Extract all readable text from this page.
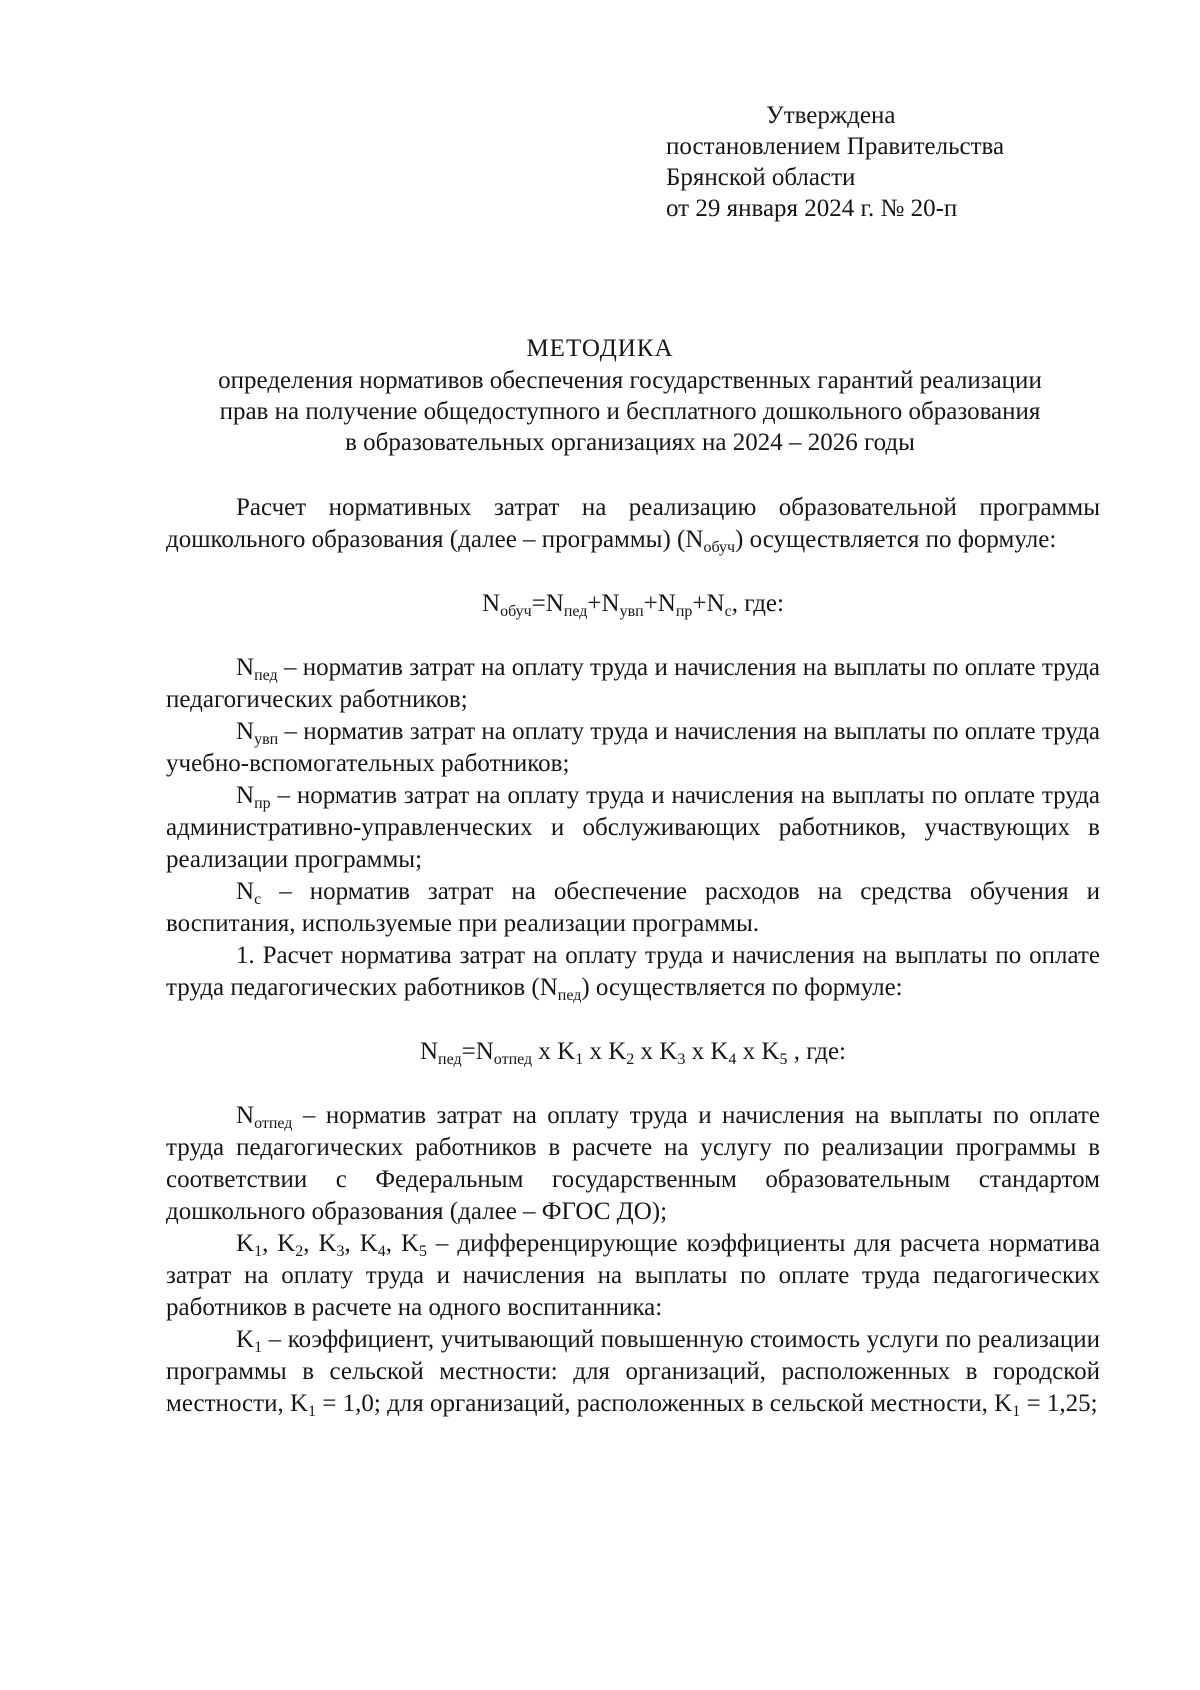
Утверждена
постановлением Правительства
Брянской области
от 29 января 2024 г. № 20-п
МЕТОДИКА
определения нормативов обеспечения государственных гарантий реализации
прав на получение общедоступного и бесплатного дошкольного образования
в образовательных организациях на 2024 – 2026 годы

Расчет нормативных затрат на реализацию образовательной программы дошкольного образования (далее – программы) $(N_{обуч})$ осуществляется по формуле:

$N_{обуч}=N_{пед}+N_{увп}+N_{пр}+N_с$, где:

$N_{пед}$ – норматив затрат на оплату труда и начисления на выплаты по оплате труда педагогических работников;

$N_{увп}$ – норматив затрат на оплату труда и начисления на выплаты по оплате труда учебно-вспомогательных работников;

$N_{пр}$ – норматив затрат на оплату труда и начисления на выплаты по оплате труда административно-управленческих и обслуживающих работников, участвующих в реализации программы;

$N_с$ – норматив затрат на обеспечение расходов на средства обучения и воспитания, используемые при реализации программы.

1. Расчет норматива затрат на оплату труда и начисления на выплаты по оплате труда педагогических работников $(N_{пед})$ осуществляется по формуле:

$N_{пед}=N_{отпед}$ х $K_1$ х $K_2$ х $K_3$ х $K_4$ х $K_5$ , где:

$N_{отпед}$ – норматив затрат на оплату труда и начисления на выплаты по оплате труда педагогических работников в расчете на услугу по реализации программы в соответствии с Федеральным государственным образовательным стандартом дошкольного образования (далее – ФГОС ДО);

$K_1$, $K_2$, $K_3$, $K_4$, $K_5$ – дифференцирующие коэффициенты для расчета норматива затрат на оплату труда и начисления на выплаты по оплате труда педагогических работников в расчете на одного воспитанника:

$K_1$ – коэффициент, учитывающий повышенную стоимость услуги по реализации программы в сельской местности: для организаций, расположенных в городской местности, $K_1 = 1,0$; для организаций, расположенных в сельской местности, $K_1 = 1,25$;
